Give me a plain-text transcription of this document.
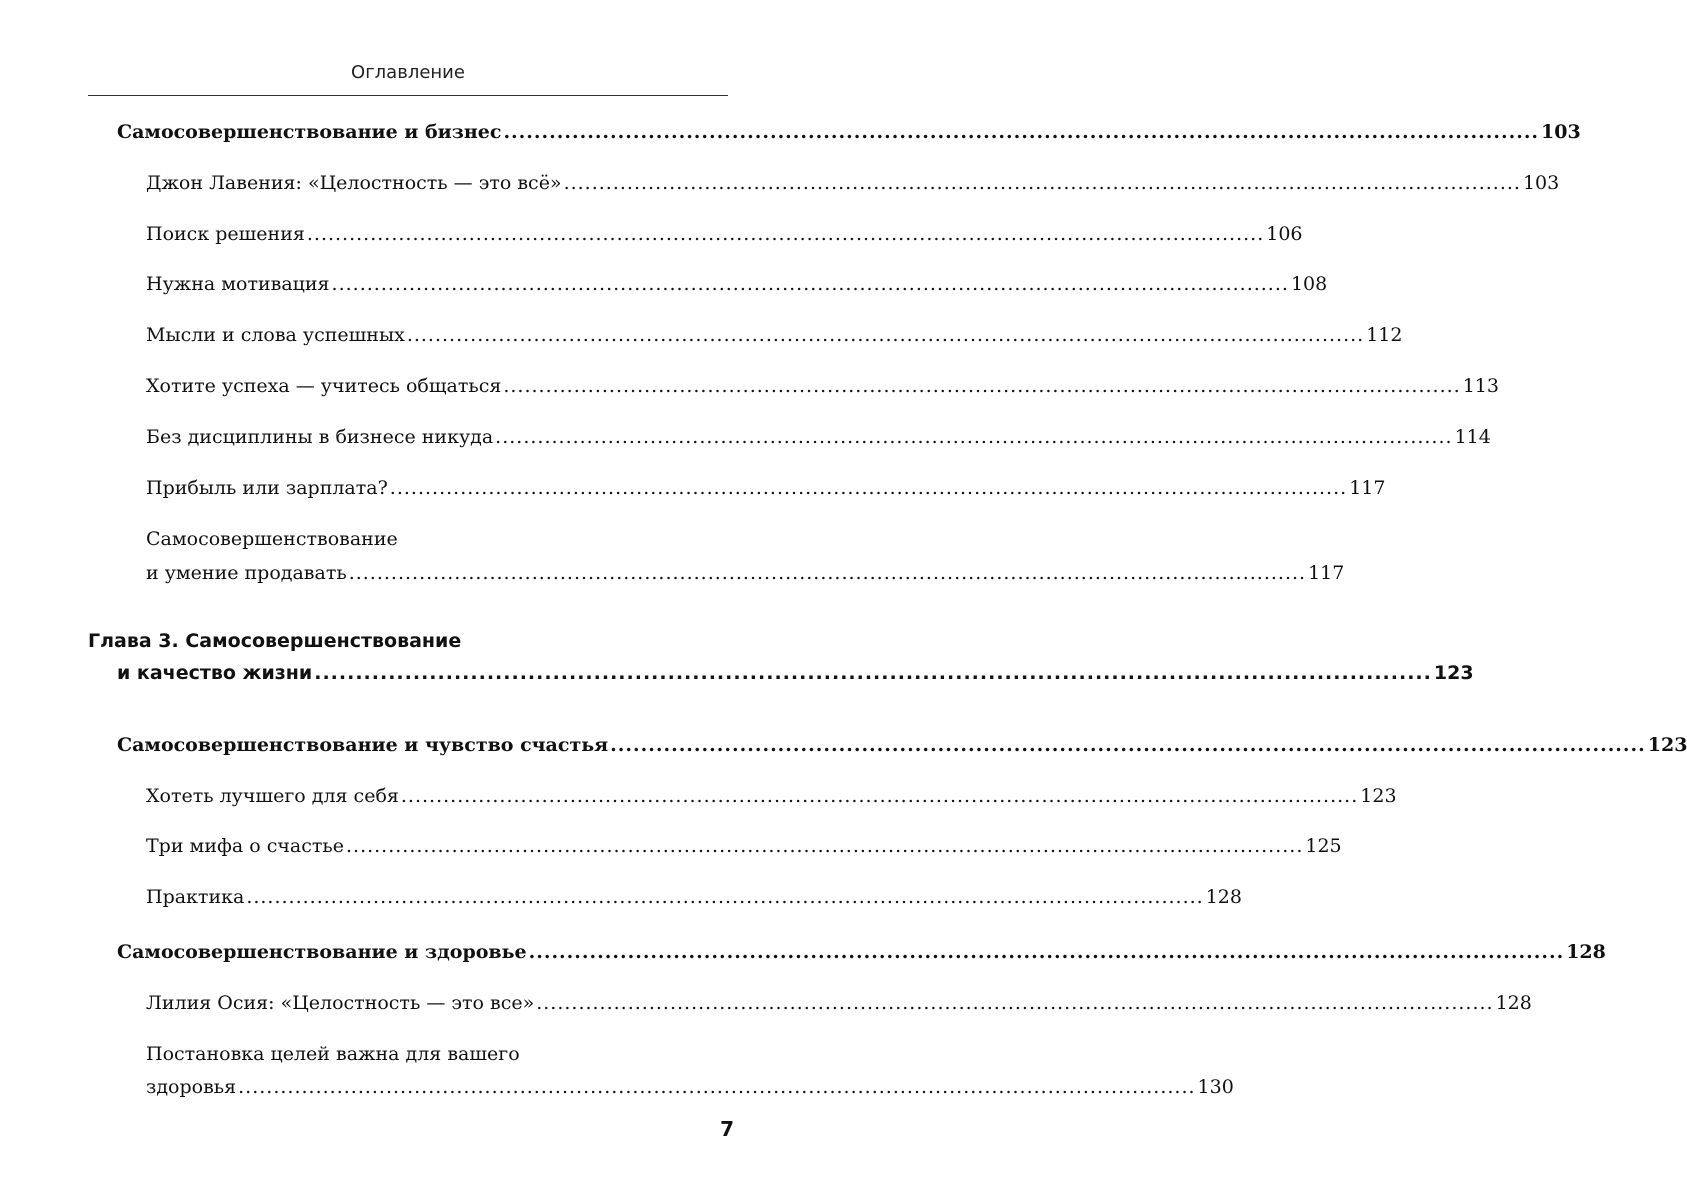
Оглавление
Самосовершенствование и бизнес ........................................................................................................................................ 103
Джон Лавения: «Целостность — это всё» ........................................................................................................................................ 103
Поиск решения ........................................................................................................................................ 106
Нужна мотивация ........................................................................................................................................ 108
Мысли и слова успешных ........................................................................................................................................ 112
Хотите успеха — учитесь общаться ........................................................................................................................................ 113
Без дисциплины в бизнесе никуда ........................................................................................................................................ 114
Прибыль или зарплата? ........................................................................................................................................ 117
Самосовершенствование
и умение продавать ........................................................................................................................................ 117
Глава 3. Самосовершенствование
и качество жизни ........................................................................................................................................ 123
Самосовершенствование и чувство счастья ........................................................................................................................................ 123
Хотеть лучшего для себя ........................................................................................................................................ 123
Три мифа о счастье ........................................................................................................................................ 125
Практика ........................................................................................................................................ 128
Самосовершенствование и здоровье ........................................................................................................................................ 128
Лилия Осия: «Целостность — это все» ........................................................................................................................................ 128
Постановка целей важна для вашего
здоровья ........................................................................................................................................ 130
7
